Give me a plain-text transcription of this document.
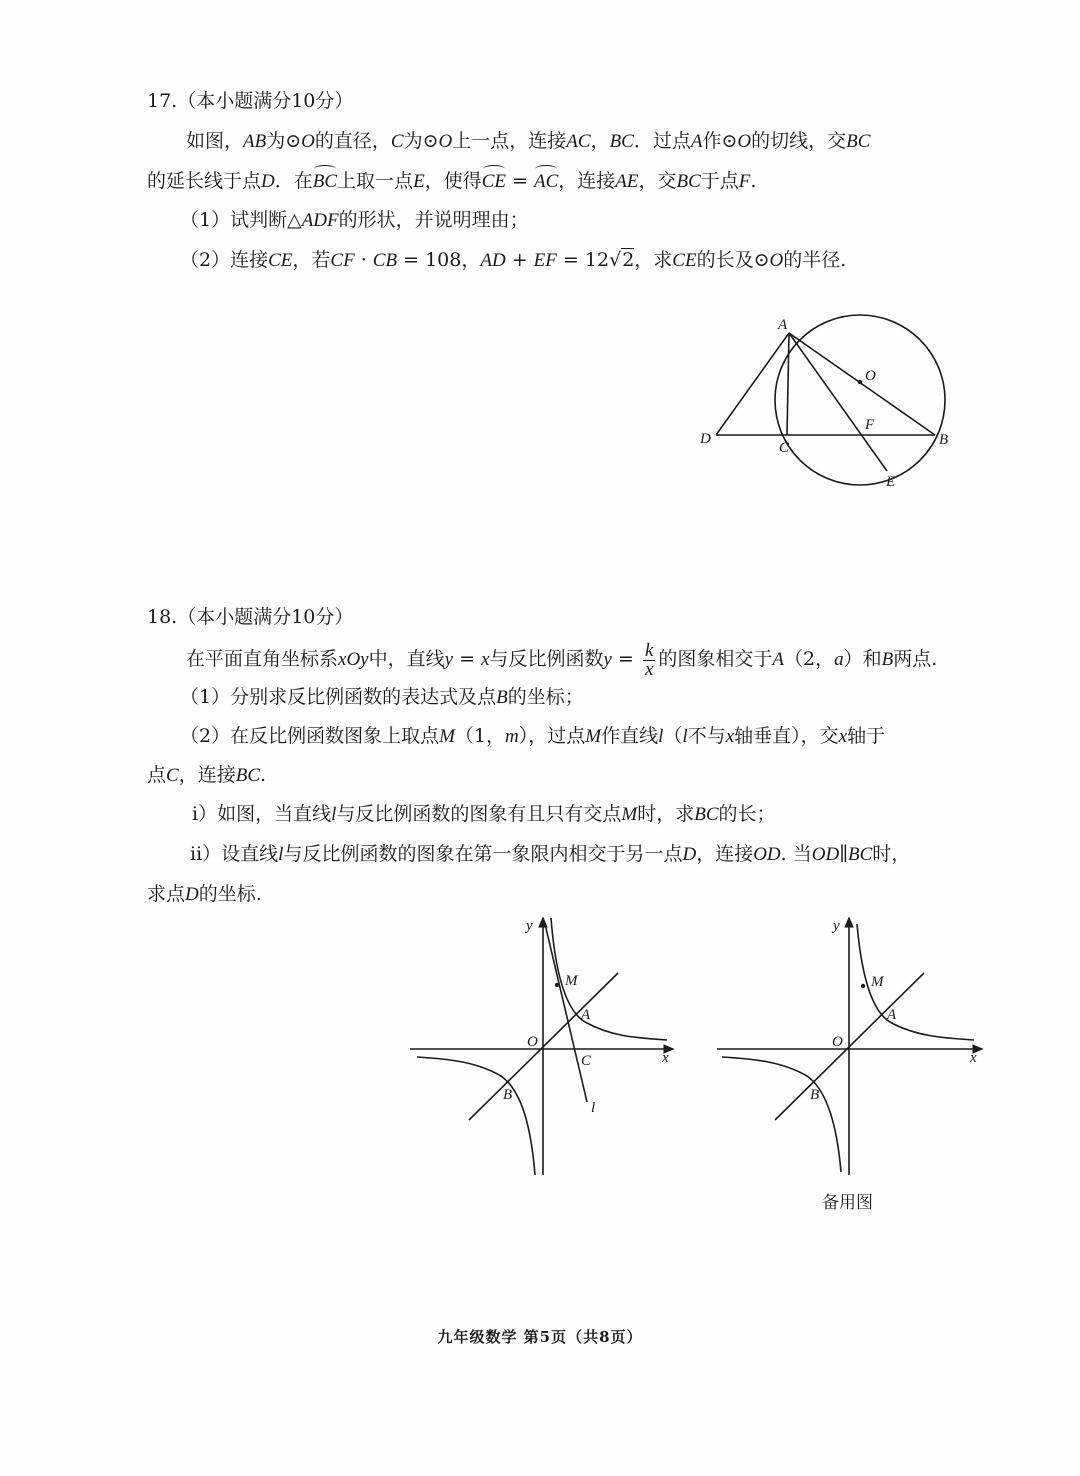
17.（本小题满分10分）
如图，AB为⊙O的直径，C为⊙O上一点，连接AC，BC．过点A作⊙O的切线，交BC
的延长线于点D．在BC上取一点E，使得CE = AC，连接AE，交BC于点F.
（1）试判断△ADF的形状，并说明理由；
（2）连接CE，若CF · CB = 108，AD + EF = 12√2，求CE的长及⊙O的半径.
A
O
F
D
C	B
E
18.（本小题满分10分）
在平面直角坐标系xOy中，直线y = x与反比例函数$y = \frac{k}{x}$ 的图象相交于A（2，a）和B两点.
（1）分别求反比例函数的表达式及点B的坐标；
（2）在反比例函数图象上取点M（1，m），过点M作直线l（l不与x轴垂直），交x轴于
点C，连接BC.
ⅰ）如图，当直线l与反比例函数的图象有且只有交点M时，求BC的长；
ⅱ）设直线l与反比例函数的图象在第一象限内相交于另一点D，连接OD. 当OD∥BC时，
求点D的坐标.
y
M
A
O
C	x
B
l
y
M
A
O
x
B
备用图
九年级数学 第5页（共8页）
